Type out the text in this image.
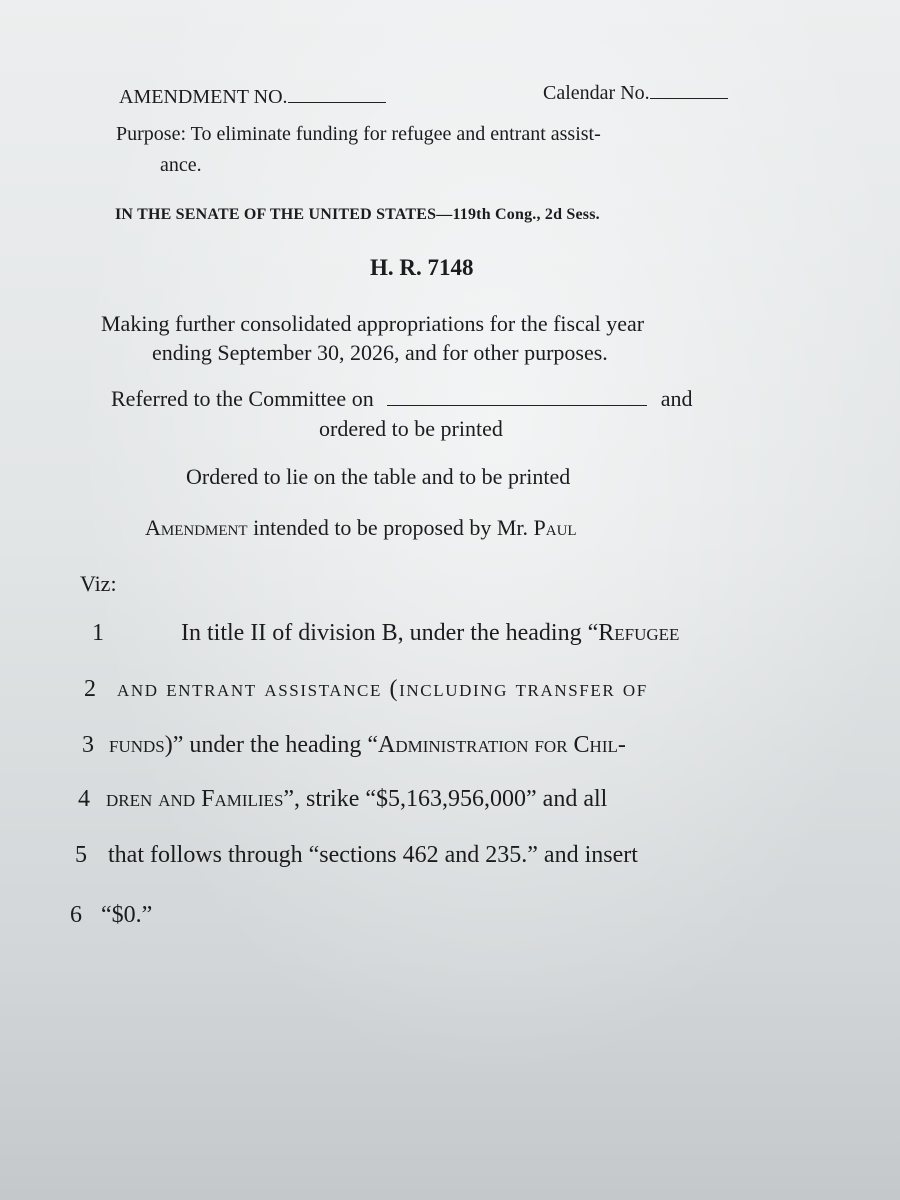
AMENDMENT NO.	Calendar No.
Purpose: To eliminate funding for refugee and entrant assist-
ance.
IN THE SENATE OF THE UNITED STATES—119th Cong., 2d Sess.
H. R. 7148
Making further consolidated appropriations for the fiscal year
ending September 30, 2026, and for other purposes.
Referred to the Committee on	and
ordered to be printed
Ordered to lie on the table and to be printed
Amendment intended to be proposed by Mr. Paul
Viz:
1	In title II of division B, under the heading “Refugee
2 and entrant assistance (including transfer of
3 funds)” under the heading “Administration for Chil-
4 dren and Families”, strike “$5,163,956,000” and all
5 that follows through “sections 462 and 235.” and insert
6 “$0.”
